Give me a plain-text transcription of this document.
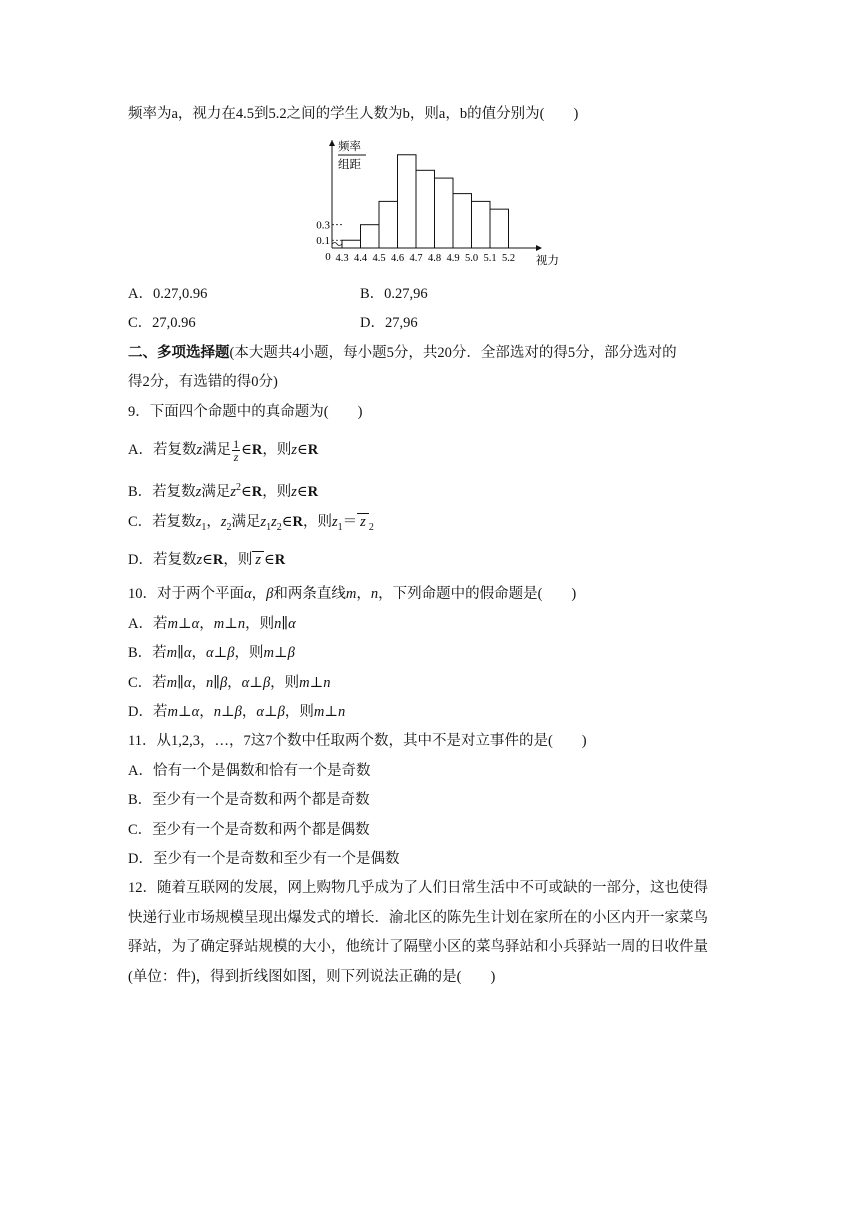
频率为a，视力在4.5到5.2之间的学生人数为b，则a，b的值分别为(　　)
0.1
0.3
0 4.3 4.4 4.5 4.6 4.7 4.8 4.9 5.0 5.1 5.2 视力
频率
组距
A．0.27,0.96	B．0.27,96
C．27,0.96	D．27,96
二、多项选择题(本大题共4小题，每小题5分，共20分．全部选对的得5分，部分选对的
得2分，有选错的得0分)
9．下面四个命题中的真命题为(　　)
A．若复数z满足 $\frac{1}{z}$ ∈R，则z∈R
B．若复数z满足$z^2\in R$，则z∈R
C．若复数$z_1$，$z_2$满足$z_1z_2\in R$，则$z_1= z$ $_2$
D．若复数z∈R，则 z ∈R
10．对于两个平面α，β和两条直线m，n，下列命题中的假命题是(　　)
A．若m⊥α，m⊥n，则n∥α
B．若m∥α，α⊥β，则m⊥β
C．若m∥α，n∥β，α⊥β，则m⊥n
D．若m⊥α，n⊥β，α⊥β，则m⊥n
11．从1,2,3，…，7这7个数中任取两个数，其中不是对立事件的是(　　)
A．恰有一个是偶数和恰有一个是奇数
B．至少有一个是奇数和两个都是奇数
C．至少有一个是奇数和两个都是偶数
D．至少有一个是奇数和至少有一个是偶数
12．随着互联网的发展，网上购物几乎成为了人们日常生活中不可或缺的一部分，这也使得
快递行业市场规模呈现出爆发式的增长．渝北区的陈先生计划在家所在的小区内开一家菜鸟
驿站，为了确定驿站规模的大小，他统计了隔壁小区的菜鸟驿站和小兵驿站一周的日收件量
(单位：件)，得到折线图如图，则下列说法正确的是(　　)
